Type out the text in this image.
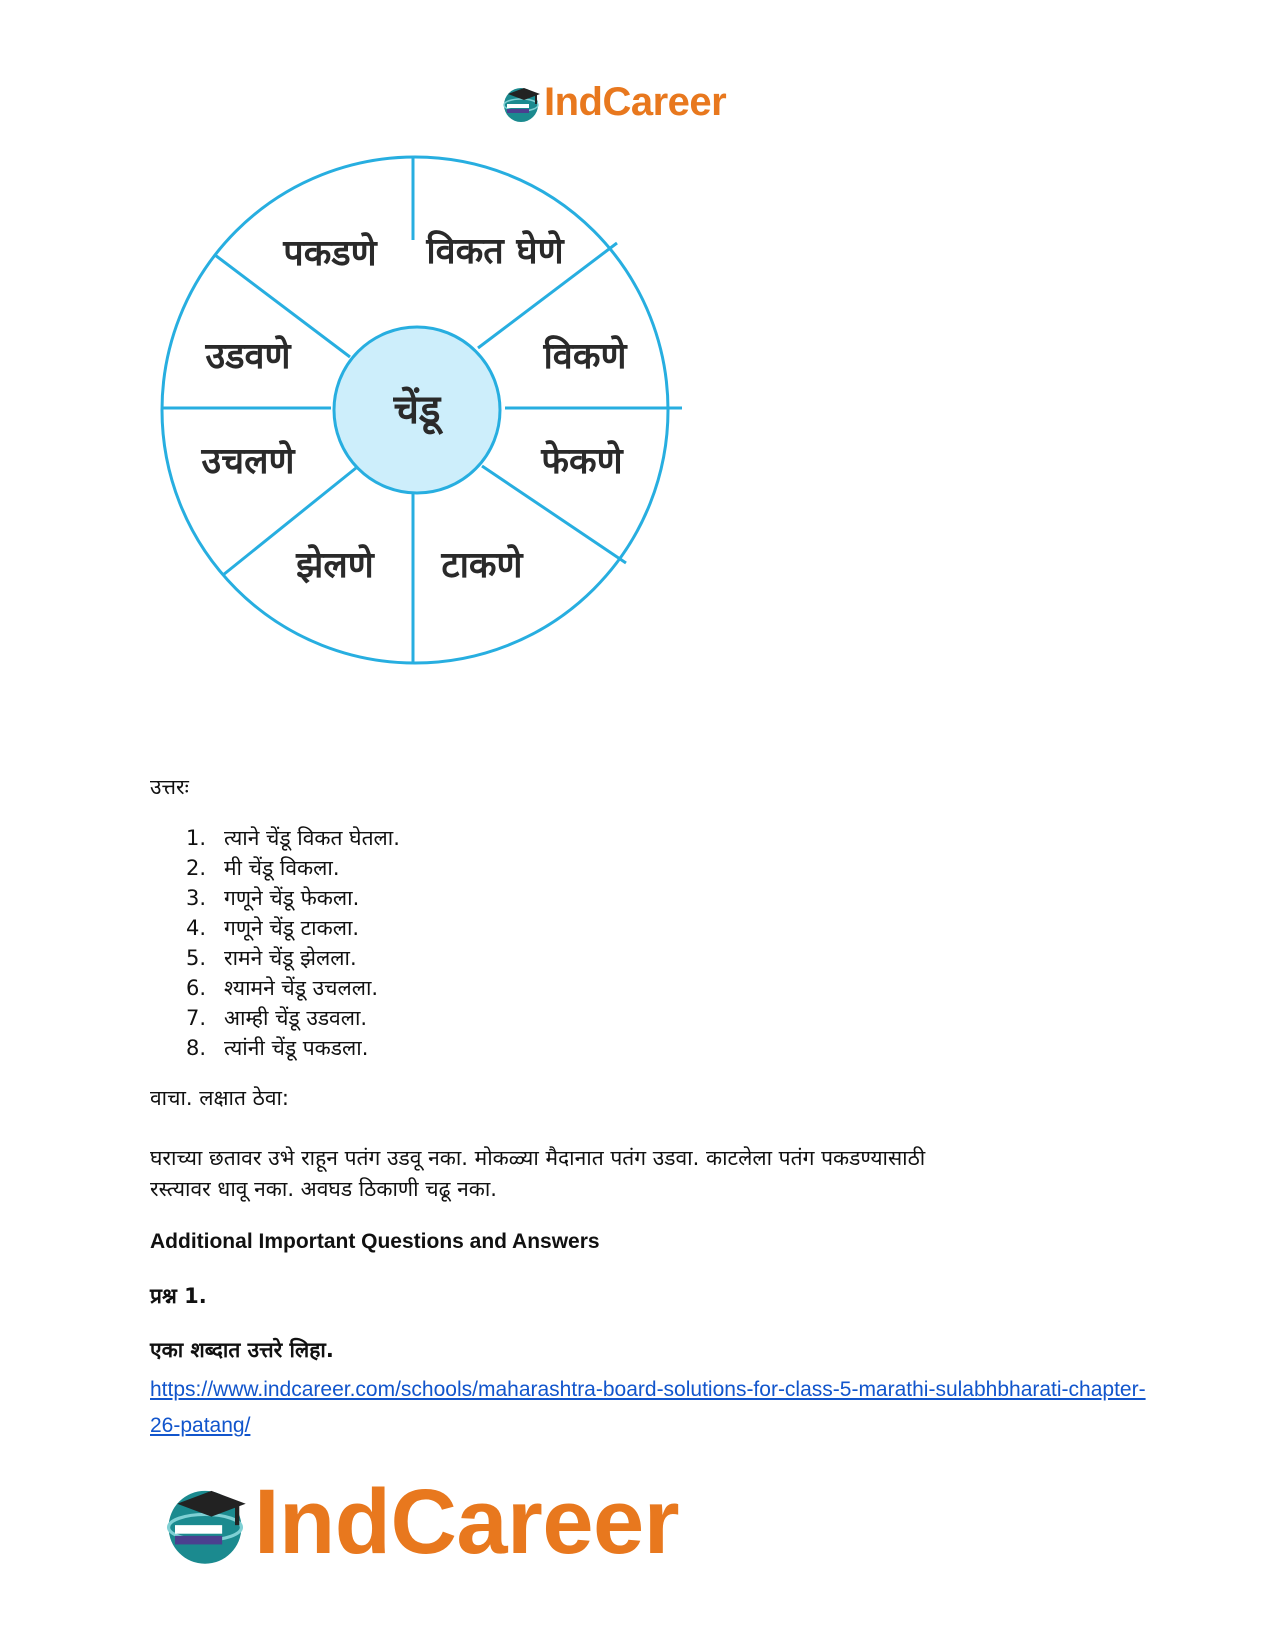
IndCareer
चेंडू
पकडणे विकत घेणे
विकणे
फेकणे
टाकणे
झेलणे
उचलणे
उडवणे
उत्तरः
1. त्याने चेंडू विकत घेतला.
2. मी चेंडू विकला.
3. गणूने चेंडू फेकला.
4. गणूने चेंडू टाकला.
5. रामने चेंडू झेलला.
6. श्यामने चेंडू उचलला.
7. आम्ही चेंडू उडवला.
8. त्यांनी चेंडू पकडला.
वाचा. लक्षात ठेवा:
घराच्या छतावर उभे राहून पतंग उडवू नका. मोकळ्या मैदानात पतंग उडवा. काटलेला पतंग पकडण्यासाठी
रस्त्यावर धावू नका. अवघड ठिकाणी चढू नका.
Additional Important Questions and Answers
प्रश्न 1.
एका शब्दात उत्तरे लिहा.
https://www.indcareer.com/schools/maharashtra-board-solutions-for-class-5-marathi-sulabhbharati-chapter-26-patang/
IndCareer
